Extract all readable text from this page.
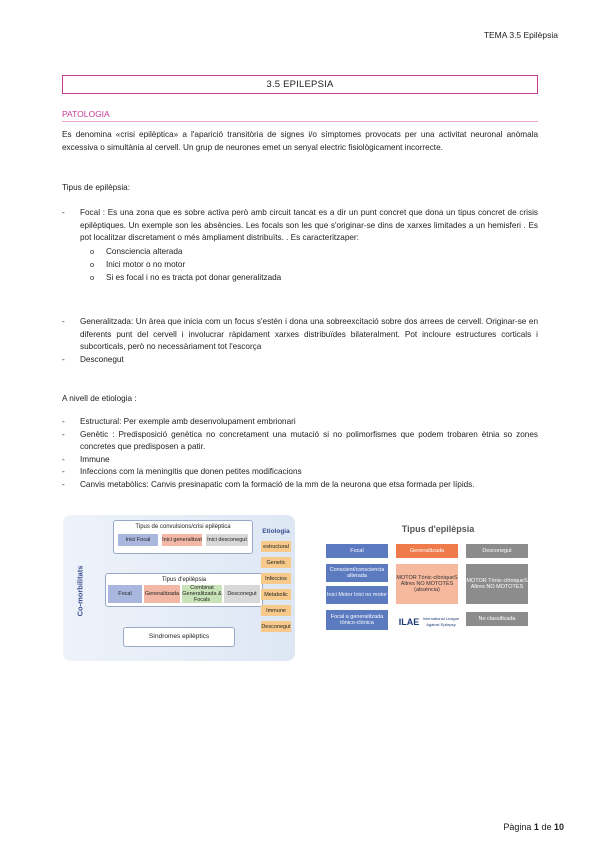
TEMA 3.5 Epilèpsia
3.5 EPILEPSIA
PATOLOGIA
Es denomina «crisi epilèptica» a l'aparició transitòria de signes i/o símptomes provocats per una activitat neuronal anòmala excessiva o simultània al cervell. Un grup de neurones emet un senyal electric fisiològicament incorrecte.
Tipus de epilèpsia:
- Focal : Es una zona que es sobre activa però amb circuit tancat es a dir un punt concret que dona un tipus concret de crisis epilèptiques. Un exemple son les absències. Les focals son les que s'originar-se dins de xarxes limitades a un hemisferi . Es pot localitzar discretament o més àmpliament distribuïts. . Es caracteritzaper:
o Consciencia alterada
o Inici motor o no motor
o Si es focal i no es tracta pot donar generalitzada
- Generalitzada: Un àrea que inicia com un focus s'estén i dona una sobreexcitació sobre dos arrees de cervell. Originar-se en diferents punt del cervell i involucrar ràpidament xarxes distribuïdes bilateralment. Pot incloure estructures corticals i subcorticals, però no necessàriament tot l'escorça
- Desconegut
A nivell de etiologia :
- Estructural: Per exemple amb desenvolupament embrionari
- Genètic : Predisposició genètica no concretament una mutació si no polimorfismes que podem trobaren ètnia so zones concretes que predisposen a patir.
- Immune
- Infeccions com la meningitis que donen petites modificacions
- Canvis metabòlics: Canvis presinapatic com la formació de la mm de la neurona que etsa formada per lípids.
Co-morbilitats
Tipus de convulsions/crisi epilèptica
Inici Focal	Inici generalitzat Inici desconegut
Tipus d'epilèpsia
Focal	Generalitzada
Combinat Generalitzada & Focals
Desconegut
Síndromes epilèptics
Etiologia
estructural
Genetic
Infeccios
Metabolic
Immune
Desconegut
Tipus d'epilèpsia
Focal	Generalitzada	Desconegut
Conscient/consciencia alterada
Inici Motor Inici no motor
Focal a generalitzada tònico-clònica
MOTOR Tònic-clòniqueS Altres NO MOTOTES (absència)
MOTOR Tònic-clòniqueS Altres NO MOTOTES
No classificada
ILAE International League Against Epilepsy
Pàgina 1 de 10
